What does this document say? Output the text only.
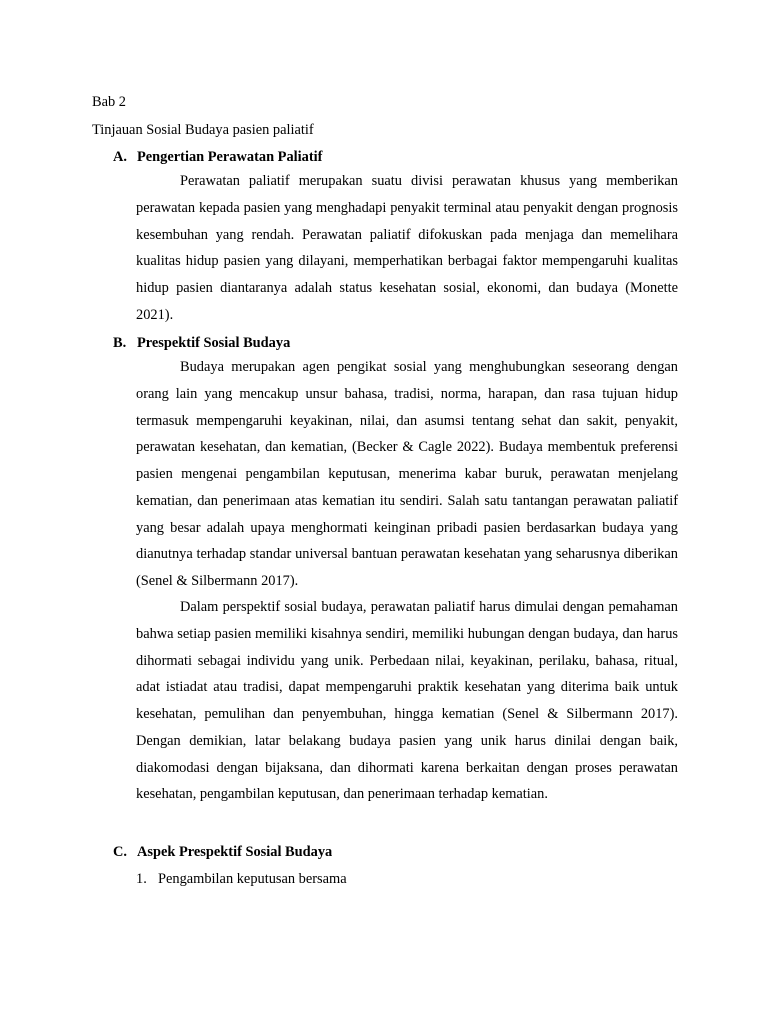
Bab 2
Tinjauan Sosial Budaya pasien paliatif
A. Pengertian Perawatan Paliatif

Perawatan paliatif merupakan suatu divisi perawatan khusus yang memberikan perawatan kepada pasien yang menghadapi penyakit terminal atau penyakit dengan prognosis kesembuhan yang rendah. Perawatan paliatif difokuskan pada menjaga dan memelihara kualitas hidup pasien yang dilayani, memperhatikan berbagai faktor mempengaruhi kualitas hidup pasien diantaranya adalah status kesehatan sosial, ekonomi, dan budaya (Monette 2021).

B. Prespektif Sosial Budaya

Budaya merupakan agen pengikat sosial yang menghubungkan seseorang dengan orang lain yang mencakup unsur bahasa, tradisi, norma, harapan, dan rasa tujuan hidup termasuk mempengaruhi keyakinan, nilai, dan asumsi tentang sehat dan sakit, penyakit, perawatan kesehatan, dan kematian, (Becker & Cagle 2022). Budaya membentuk preferensi pasien mengenai pengambilan keputusan, menerima kabar buruk, perawatan menjelang kematian, dan penerimaan atas kematian itu sendiri. Salah satu tantangan perawatan paliatif yang besar adalah upaya menghormati keinginan pribadi pasien berdasarkan budaya yang dianutnya terhadap standar universal bantuan perawatan kesehatan yang seharusnya diberikan (Senel & Silbermann 2017).

Dalam perspektif sosial budaya, perawatan paliatif harus dimulai dengan pemahaman bahwa setiap pasien memiliki kisahnya sendiri, memiliki hubungan dengan budaya, dan harus dihormati sebagai individu yang unik. Perbedaan nilai, keyakinan, perilaku, bahasa, ritual, adat istiadat atau tradisi, dapat mempengaruhi praktik kesehatan yang diterima baik untuk kesehatan, pemulihan dan penyembuhan, hingga kematian (Senel & Silbermann 2017). Dengan demikian, latar belakang budaya pasien yang unik harus dinilai dengan baik, diakomodasi dengan bijaksana, dan dihormati karena berkaitan dengan proses perawatan kesehatan, pengambilan keputusan, dan penerimaan terhadap kematian.

C. Aspek Prespektif Sosial Budaya
1. Pengambilan keputusan bersama
